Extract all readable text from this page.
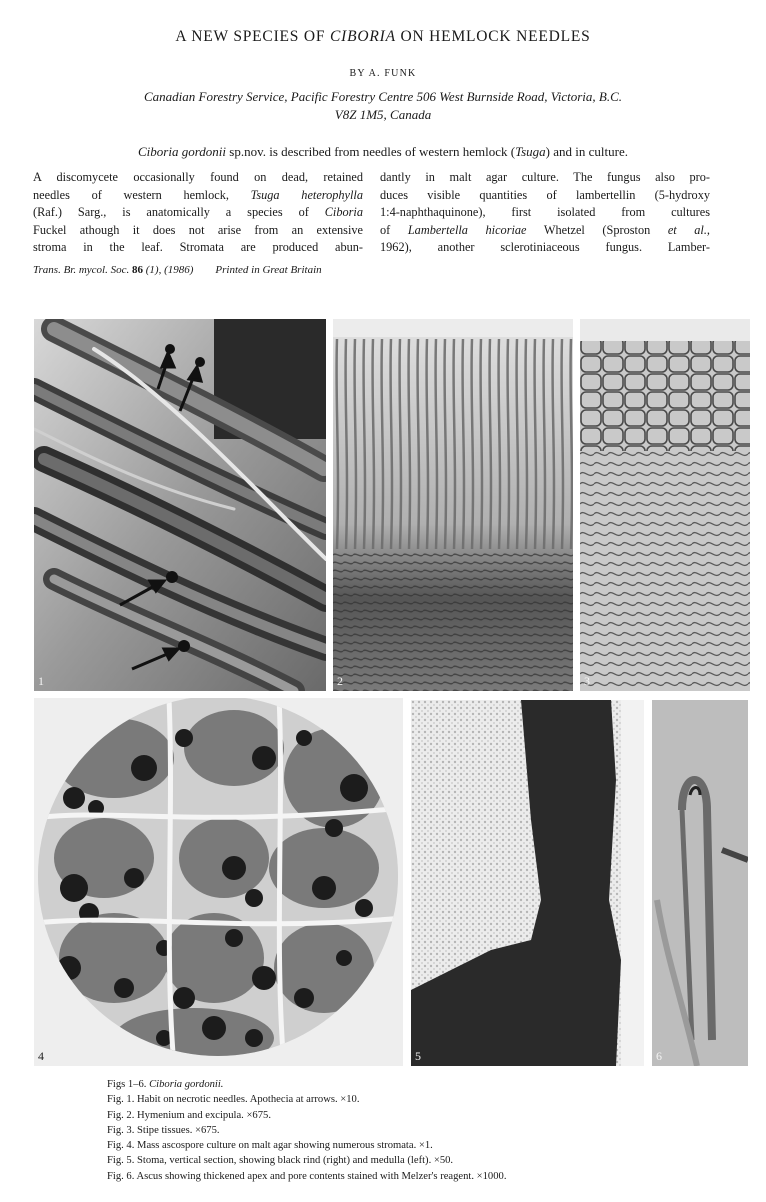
A NEW SPECIES OF CIBORIA ON HEMLOCK NEEDLES
BY A. FUNK
Canadian Forestry Service, Pacific Forestry Centre 506 West Burnside Road, Victoria, B.C.
V8Z 1M5, Canada
Ciboria gordonii sp.nov. is described from needles of western hemlock (Tsuga) and in culture.
A discomycete occasionally found on dead, retained
needles of western hemlock, Tsuga heterophylla
(Raf.) Sarg., is anatomically a species of Ciboria
Fuckel athough it does not arise from an extensive
stroma in the leaf. Stromata are produced abun-
dantly in malt agar culture. The fungus also pro-
duces visible quantities of lambertellin (5-hydroxy
1:4-naphthaquinone), first isolated from cultures
of Lambertella hicoriae Whetzel (Sproston et al.,
1962), another sclerotiniaceous fungus. Lamber-
Trans. Br. mycol. Soc. 86 (1), (1986) Printed in Great Britain
1	2	3
4	5	6
Figs 1–6. Ciboria gordonii.
Fig. 1. Habit on necrotic needles. Apothecia at arrows. ×10.
Fig. 2. Hymenium and excipula. ×675.
Fig. 3. Stipe tissues. ×675.
Fig. 4. Mass ascospore culture on malt agar showing numerous stromata. ×1.
Fig. 5. Stoma, vertical section, showing black rind (right) and medulla (left). ×50.
Fig. 6. Ascus showing thickened apex and pore contents stained with Melzer's reagent. ×1000.
